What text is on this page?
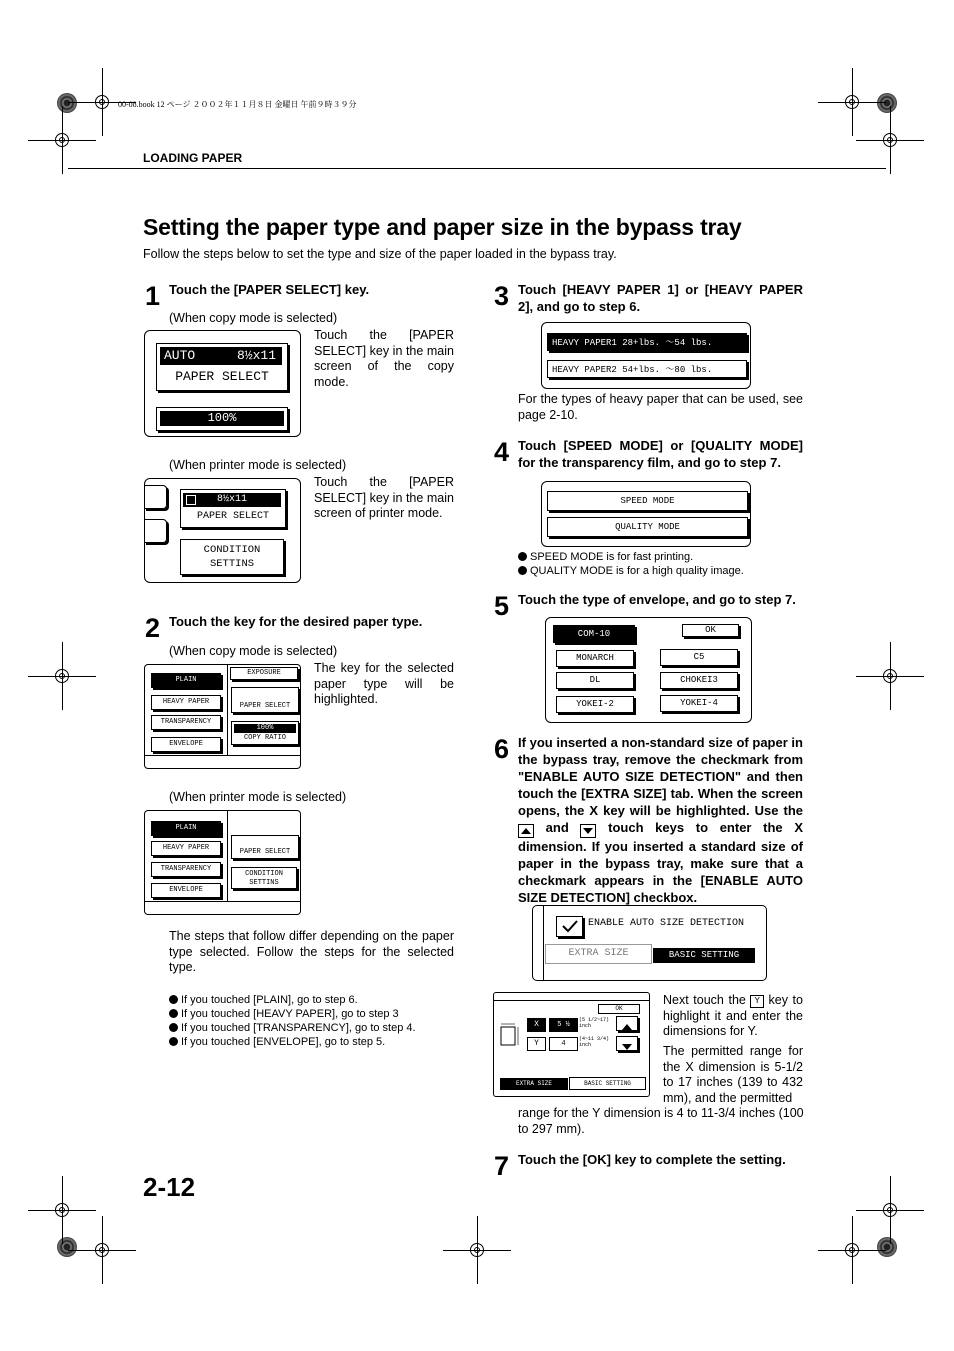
00-08.book 12 ページ ２００２年１１月８日 金曜日 午前９時３９分
LOADING PAPER
Setting the paper type and paper size in the bypass tray
Follow the steps below to set the type and size of the paper loaded in the bypass tray.
1 Touch the [PAPER SELECT] key.
(When copy mode is selected)
AUTO	8½x11
PAPER SELECT
100%
Touch the [PAPER SELECT] key in the main screen of the copy mode.
(When printer mode is selected)
8½x11
PAPER SELECT
CONDITION
SETTINS
Touch the [PAPER SELECT] key in the main screen of printer mode.
2 Touch the key for the desired paper type.
(When copy mode is selected)
PLAIN
HEAVY PAPER
TRANSPARENCY
ENVELOPE
EXPOSURE
PAPER SELECT
100%
COPY RATIO
The key for the selected paper type will be highlighted.
(When printer mode is selected)
PLAIN
HEAVY PAPER
TRANSPARENCY
ENVELOPE
PAPER SELECT
CONDITION
SETTINS
The steps that follow differ depending on the paper type selected. Follow the steps for the selected type.
If you touched [PLAIN], go to step 6.
If you touched [HEAVY PAPER], go to step 3
If you touched [TRANSPARENCY], go to step 4.
If you touched [ENVELOPE], go to step 5.
3 Touch [HEAVY PAPER 1] or [HEAVY PAPER 2], and go to step 6.
HEAVY PAPER1 28+lbs. ～54 lbs.
HEAVY PAPER2 54+lbs. ～80 lbs.
For the types of heavy paper that can be used, see page 2-10.
4 Touch [SPEED MODE] or [QUALITY MODE] for the transparency film, and go to step 7.
SPEED MODE
QUALITY MODE
SPEED MODE is for fast printing.
QUALITY MODE is for a high quality image.
5 Touch the type of envelope, and go to step 7.
COM-10	OK
MONARCH	C5
DL	CHOKEI3
YOKEI-2	YOKEI-4
6 If you inserted a non-standard size of paper in the bypass tray, remove the checkmark from "ENABLE AUTO SIZE DETECTION" and then touch the [EXTRA SIZE] tab. When the screen opens, the X key will be highlighted. Use the  and	touch keys to enter the X dimension. If you inserted a standard size of paper in the bypass tray, make sure that a checkmark appears in the [ENABLE AUTO SIZE DETECTION] checkbox.
ENABLE AUTO SIZE DETECTION
EXTRA SIZE	BASIC SETTING
OK
X	5 ½
(5 1/2~17)
inch
Y	4
(4~11 3/4)
inch
EXTRA SIZE	BASIC SETTING
Next touch the Y key to highlight it and enter the dimensions for Y.
The permitted range for the X dimension is 5-1/2 to 17 inches (139 to 432 mm), and the permitted
range for the Y dimension is 4 to 11-3/4 inches (100 to 297 mm).
7 Touch the [OK] key to complete the setting.
2-12
